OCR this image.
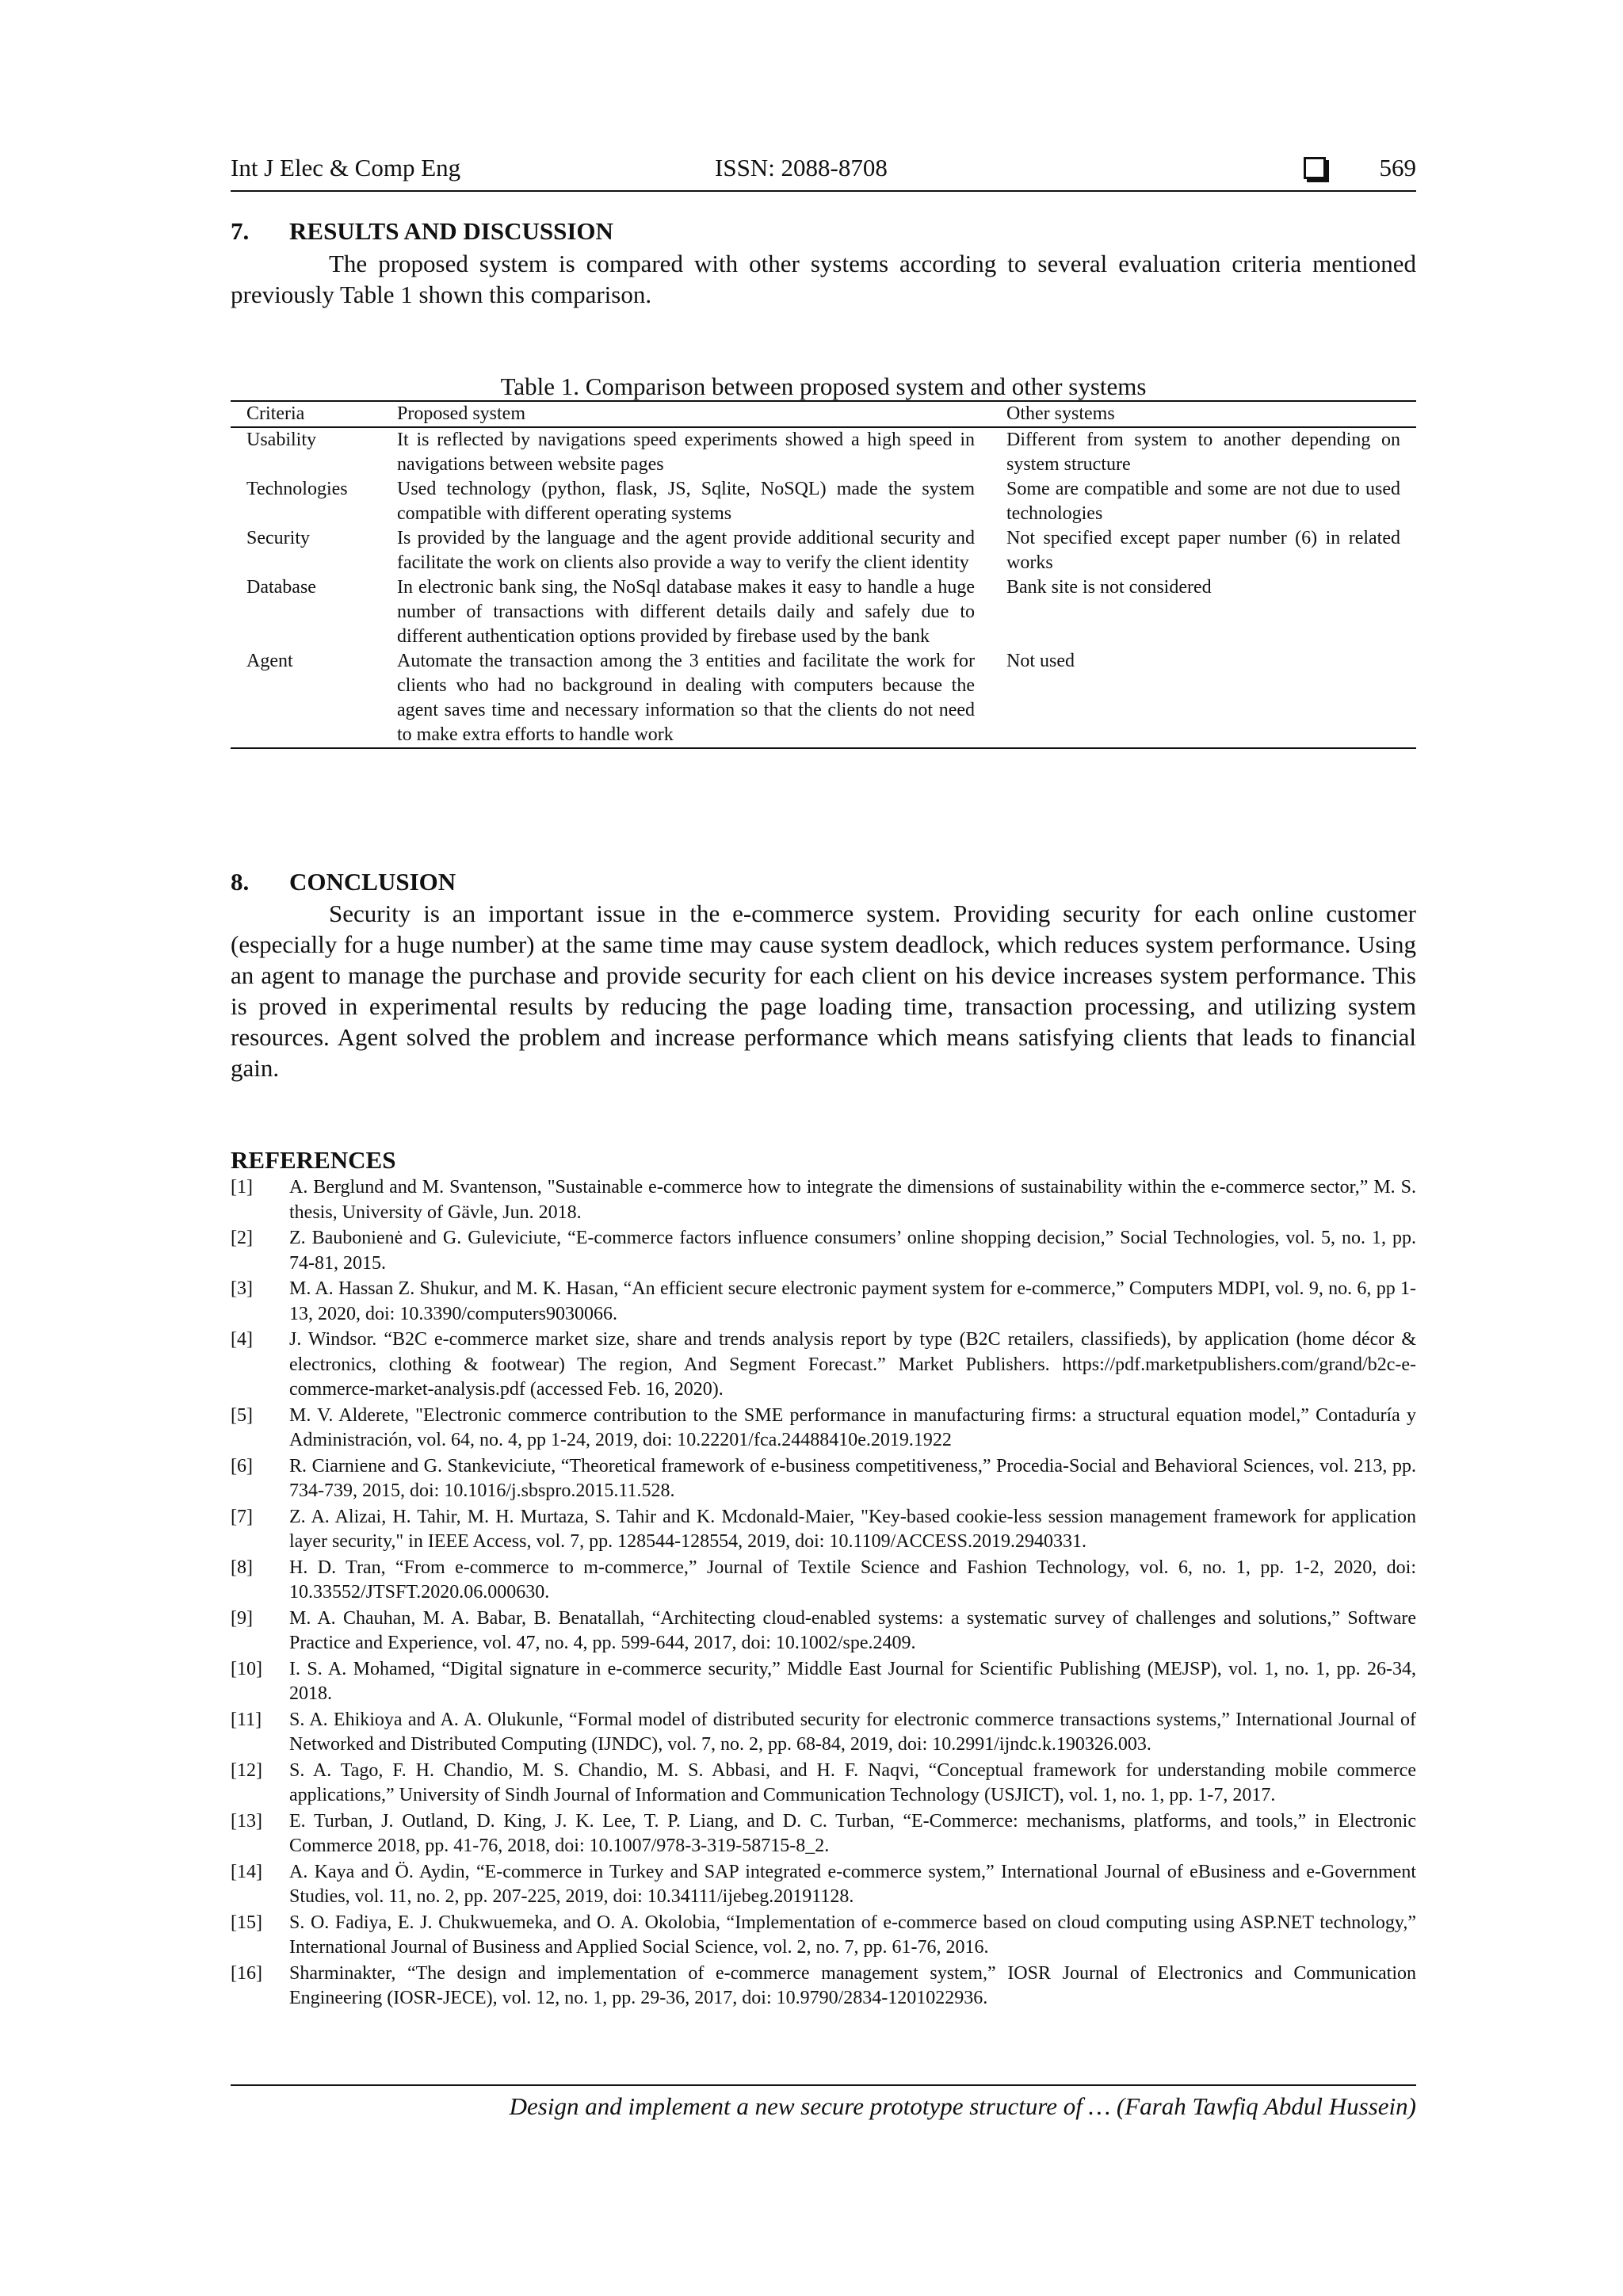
Int J Elec & Comp Eng	ISSN: 2088-8708	569
7. RESULTS AND DISCUSSION
The proposed system is compared with other systems according to several evaluation criteria mentioned previously Table 1 shown this comparison.
Table 1. Comparison between proposed system and other systems
Criteria	Proposed system	Other systems
Usability	It is reflected by navigations speed experiments showed a high speed in navigations between website pages	Different from system to another depending on system structure
Technologies	Used technology (python, flask, JS, Sqlite, NoSQL) made the system compatible with different operating systems	Some are compatible and some are not due to used technologies
Security	Is provided by the language and the agent provide additional security and facilitate the work on clients also provide a way to verify the client identity	Not specified except paper number (6) in related works
Database	In electronic bank sing, the NoSql database makes it easy to handle a huge number of transactions with different details daily and safely due to different authentication options provided by firebase used by the bank	Bank site is not considered
Agent	Automate the transaction among the 3 entities and facilitate the work for clients who had no background in dealing with computers because the agent saves time and necessary information so that the clients do not need to make extra efforts to handle work	Not used
8. CONCLUSION
Security is an important issue in the e-commerce system. Providing security for each online customer (especially for a huge number) at the same time may cause system deadlock, which reduces system performance. Using an agent to manage the purchase and provide security for each client on his device increases system performance. This is proved in experimental results by reducing the page loading time, transaction processing, and utilizing system resources. Agent solved the problem and increase performance which means satisfying clients that leads to financial gain.
REFERENCES
[1]	A. Berglund and M. Svantenson, "Sustainable e-commerce how to integrate the dimensions of sustainability within the e-commerce sector,” M. S. thesis, University of Gävle, Jun. 2018.
[2]	Z. Baubonienė and G. Guleviciute, “E-commerce factors influence consumers’ online shopping decision,” Social Technologies, vol. 5, no. 1, pp. 74-81, 2015.
[3]	M. A. Hassan Z. Shukur, and M. K. Hasan, “An efficient secure electronic payment system for e-commerce,” Computers MDPI, vol. 9, no. 6, pp 1-13, 2020, doi: 10.3390/computers9030066.
[4]	J. Windsor. “B2C e-commerce market size, share and trends analysis report by type (B2C retailers, classifieds), by application (home décor & electronics, clothing & footwear) The region, And Segment Forecast.” Market Publishers. https://pdf.marketpublishers.com/grand/b2c-e-commerce-market-analysis.pdf (accessed Feb. 16, 2020).
[5]	M. V. Alderete, "Electronic commerce contribution to the SME performance in manufacturing firms: a structural equation model,” Contaduría y Administración, vol. 64, no. 4, pp 1-24, 2019, doi: 10.22201/fca.24488410e.2019.1922
[6]	R. Ciarniene and G. Stankeviciute, “Theoretical framework of e-business competitiveness,” Procedia-Social and Behavioral Sciences, vol. 213, pp. 734-739, 2015, doi: 10.1016/j.sbspro.2015.11.528.
[7]	Z. A. Alizai, H. Tahir, M. H. Murtaza, S. Tahir and K. Mcdonald-Maier, "Key-based cookie-less session management framework for application layer security," in IEEE Access, vol. 7, pp. 128544-128554, 2019, doi: 10.1109/ACCESS.2019.2940331.
[8]	H. D. Tran, “From e-commerce to m-commerce,” Journal of Textile Science and Fashion Technology, vol. 6, no. 1, pp. 1-2, 2020, doi: 10.33552/JTSFT.2020.06.000630.
[9]	M. A. Chauhan, M. A. Babar, B. Benatallah, “Architecting cloud-enabled systems: a systematic survey of challenges and solutions,” Software Practice and Experience, vol. 47, no. 4, pp. 599-644, 2017, doi: 10.1002/spe.2409.
[10]	I. S. A. Mohamed, “Digital signature in e-commerce security,” Middle East Journal for Scientific Publishing (MEJSP), vol. 1, no. 1, pp. 26-34, 2018.
[11]	S. A. Ehikioya and A. A. Olukunle, “Formal model of distributed security for electronic commerce transactions systems,” International Journal of Networked and Distributed Computing (IJNDC), vol. 7, no. 2, pp. 68-84, 2019, doi: 10.2991/ijndc.k.190326.003.
[12]	S. A. Tago, F. H. Chandio, M. S. Chandio, M. S. Abbasi, and H. F. Naqvi, “Conceptual framework for understanding mobile commerce applications,” University of Sindh Journal of Information and Communication Technology (USJICT), vol. 1, no. 1, pp. 1-7, 2017.
[13]	E. Turban, J. Outland, D. King, J. K. Lee, T. P. Liang, and D. C. Turban, “E-Commerce: mechanisms, platforms, and tools,” in Electronic Commerce 2018, pp. 41-76, 2018, doi: 10.1007/978-3-319-58715-8_2.
[14]	A. Kaya and Ö. Aydin, “E-commerce in Turkey and SAP integrated e-commerce system,” International Journal of eBusiness and e-Government Studies, vol. 11, no. 2, pp. 207-225, 2019, doi: 10.34111/ijebeg.20191128.
[15]	S. O. Fadiya, E. J. Chukwuemeka, and O. A. Okolobia, “Implementation of e-commerce based on cloud computing using ASP.NET technology,” International Journal of Business and Applied Social Science, vol. 2, no. 7, pp. 61-76, 2016.
[16]	Sharminakter, “The design and implementation of e-commerce management system,” IOSR Journal of Electronics and Communication Engineering (IOSR-JECE), vol. 12, no. 1, pp. 29-36, 2017, doi: 10.9790/2834-1201022936.
Design and implement a new secure prototype structure of … (Farah Tawfiq Abdul Hussein)
